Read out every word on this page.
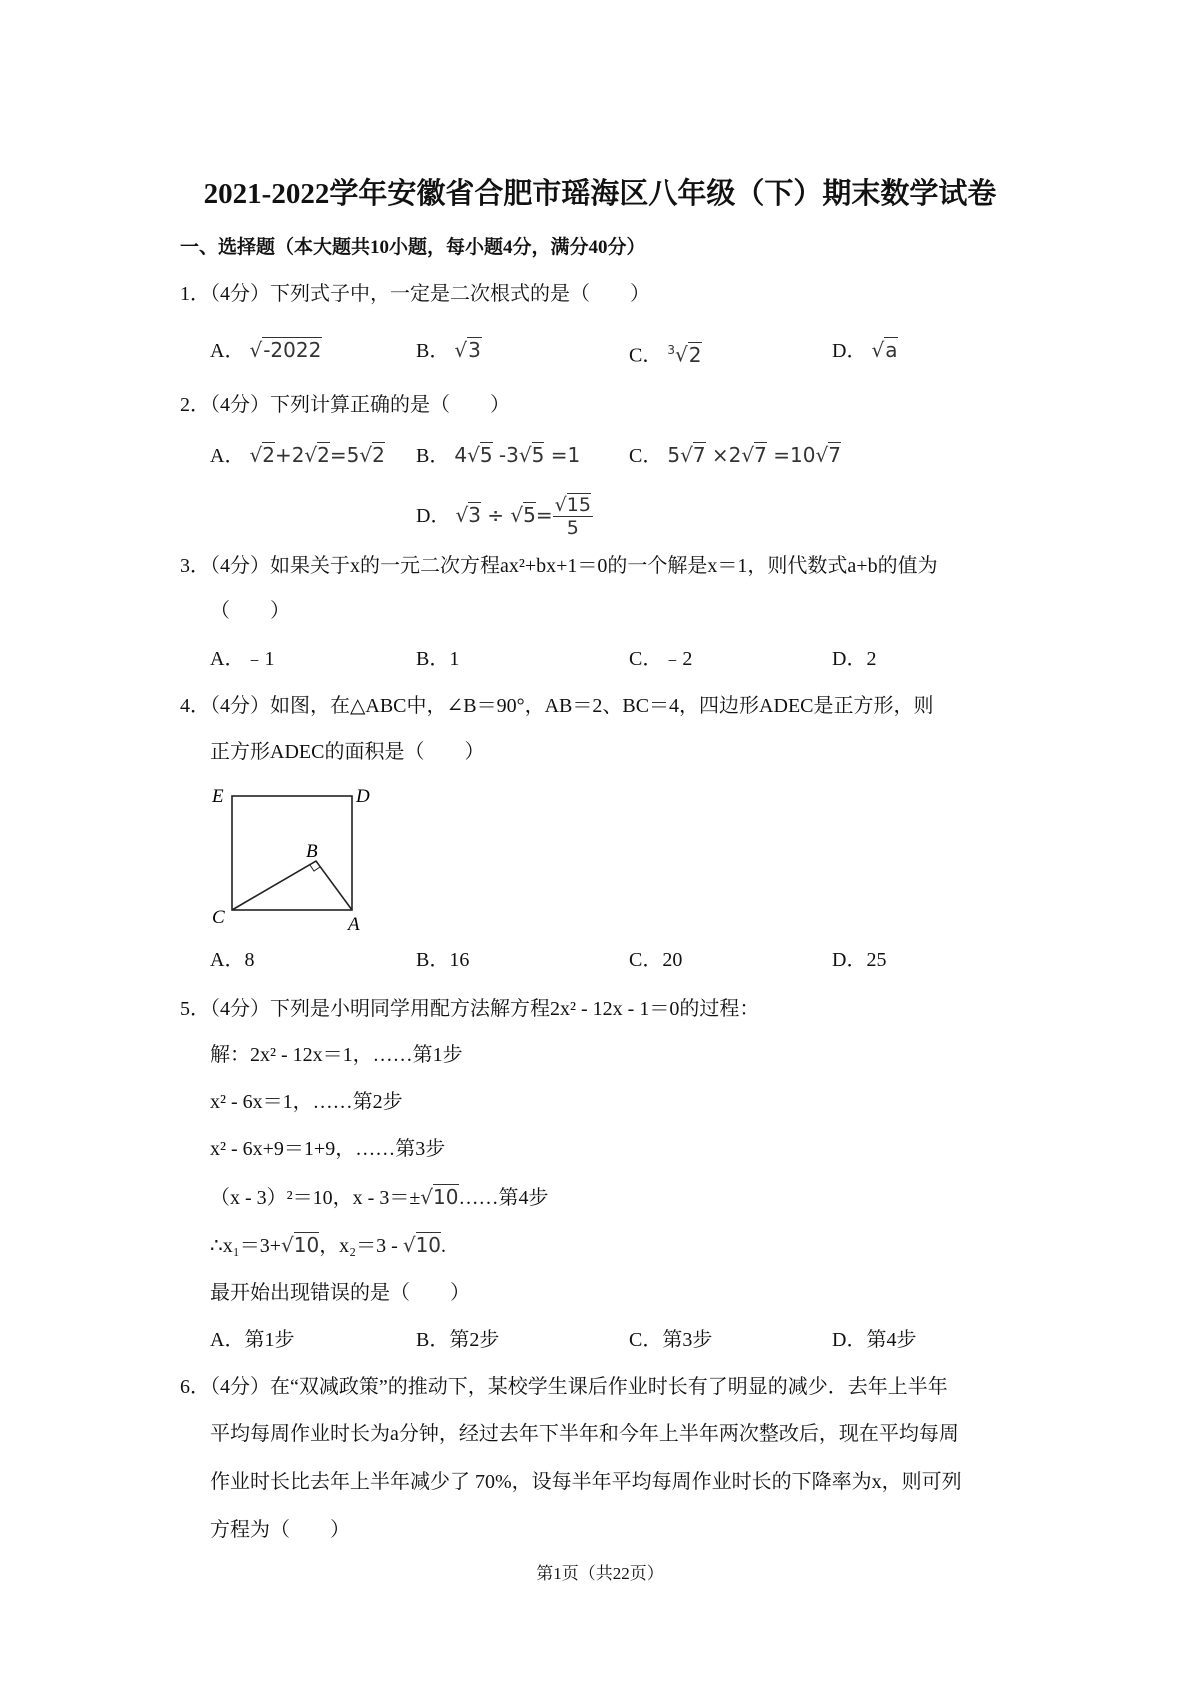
2021-2022学年安徽省合肥市瑶海区八年级（下）期末数学试卷
一、选择题（本大题共10小题，每小题4分，满分40分）
1．（4分）下列式子中，一定是二次根式的是（　　）
A． √-2022	B． √3	C． $^3$√2	D． √a
2．（4分）下列计算正确的是（　　）
A． √2+2√2=5√2 B． 4√5 -3√5 =1 C． 5√7 ×2√7 =10√7
D． $√3 \div √5= \frac{√15}{5}$
3．（4分）如果关于x的一元二次方程ax²+bx+1＝0的一个解是x＝1，则代数式a+b的值为
（　　）
A．﹣1	B．1	C．﹣2	D．2
4．（4分）如图，在△ABC中，∠B＝90°，AB＝2、BC＝4，四边形ADEC是正方形，则
正方形ADEC的面积是（　　）
E	D
B
C	A
A．8	B．16	C．20	D．25
5．（4分）下列是小明同学用配方法解方程2x² - 12x - 1＝0的过程：
解：2x² - 12x＝1，……第1步
x² - 6x＝1，……第2步
x² - 6x+9＝1+9，……第3步
（x - 3）²＝10，x - 3＝±√10……第4步
∴x₁＝3+√10，x₂＝3 - √10.
最开始出现错误的是（　　）
A．第1步	B．第2步	C．第3步	D．第4步
6．（4分）在“双减政策”的推动下，某校学生课后作业时长有了明显的减少．去年上半年
平均每周作业时长为a分钟，经过去年下半年和今年上半年两次整改后，现在平均每周
作业时长比去年上半年减少了 70%，设每半年平均每周作业时长的下降率为x，则可列
方程为（　　）
第1页（共22页）
